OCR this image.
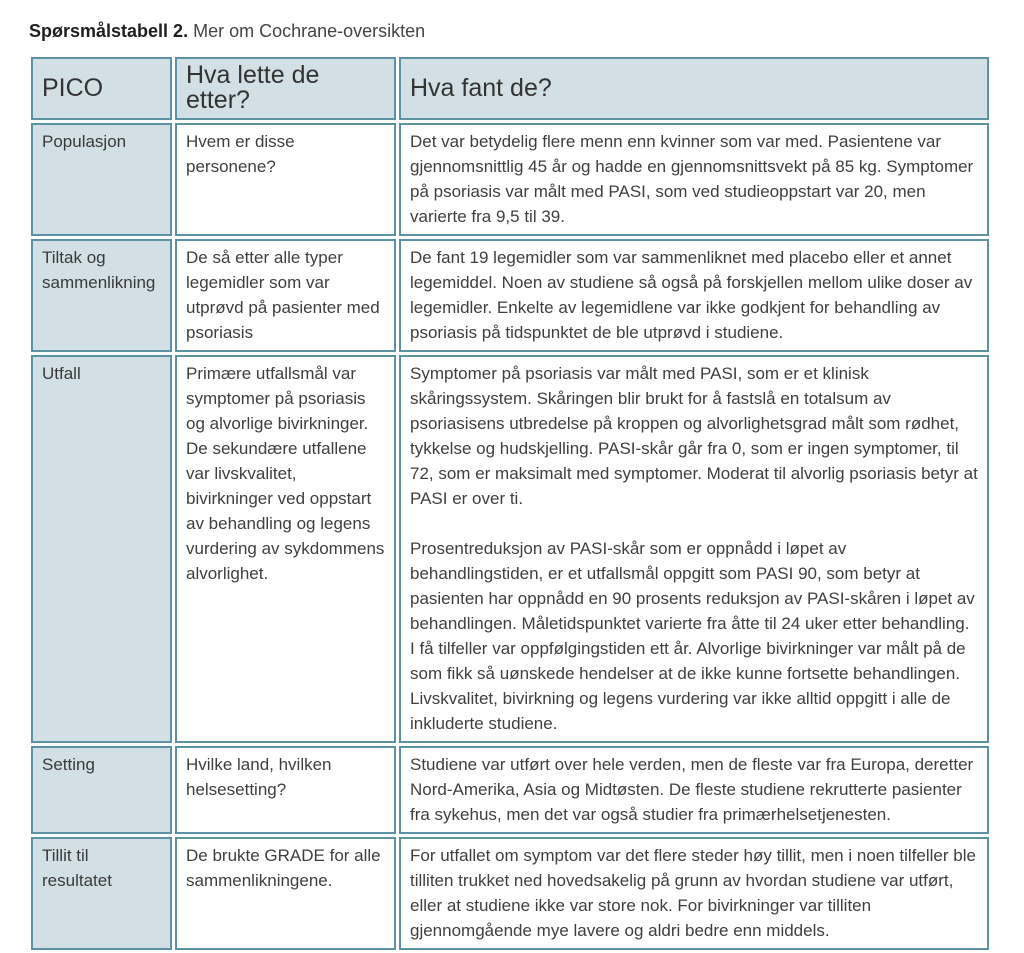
Spørsmålstabell 2. Mer om Cochrane-oversikten
PICO	Hva lette de etter?	Hva fant de?
Populasjon	Hvem er disse personene?	Det var betydelig flere menn enn kvinner som var med. Pasientene var gjennomsnittlig 45 år og hadde en gjennomsnittsvekt på 85 kg. Symptomer på psoriasis var målt med PASI, som ved studieoppstart var 20, men varierte fra 9,5 til 39.

Tiltak og sammenlikning	De så etter alle typer legemidler som var utprøvd på pasienter med psoriasis	De fant 19 legemidler som var sammenliknet med placebo eller et annet legemiddel. Noen av studiene så også på forskjellen mellom ulike doser av legemidler. Enkelte av legemidlene var ikke godkjent for behandling av psoriasis på tidspunktet de ble utprøvd i studiene.

Utfall	Primære utfallsmål var symptomer på psoriasis og alvorlige bivirkninger. De sekundære utfallene var livskvalitet, bivirkninger ved oppstart av behandling og legens vurdering av sykdommens alvorlighet.	Symptomer på psoriasis var målt med PASI, som er et klinisk skåringssystem. Skåringen blir brukt for å fastslå en totalsum av psoriasisens utbredelse på kroppen og alvorlighetsgrad målt som rødhet, tykkelse og hudskjelling. PASI-skår går fra 0, som er ingen symptomer, til 72, som er maksimalt med symptomer. Moderat til alvorlig psoriasis betyr at PASI er over ti.

Prosentreduksjon av PASI-skår som er oppnådd i løpet av behandlingstiden, er et utfallsmål oppgitt som PASI 90, som betyr at pasienten har oppnådd en 90 prosents reduksjon av PASI-skåren i løpet av behandlingen. Måletidspunktet varierte fra åtte til 24 uker etter behandling. I få tilfeller var oppfølgingstiden ett år. Alvorlige bivirkninger var målt på de som fikk så uønskede hendelser at de ikke kunne fortsette behandlingen. Livskvalitet, bivirkning og legens vurdering var ikke alltid oppgitt i alle de inkluderte studiene.

Setting	Hvilke land, hvilken helsesetting?	Studiene var utført over hele verden, men de fleste var fra Europa, deretter Nord-Amerika, Asia og Midtøsten. De fleste studiene rekrutterte pasienter fra sykehus, men det var også studier fra primærhelsetjenesten.

Tillit til resultatet	De brukte GRADE for alle sammenlikningene.	For utfallet om symptom var det flere steder høy tillit, men i noen tilfeller ble tilliten trukket ned hovedsakelig på grunn av hvordan studiene var utført, eller at studiene ikke var store nok. For bivirkninger var tilliten gjennomgående mye lavere og aldri bedre enn middels.
